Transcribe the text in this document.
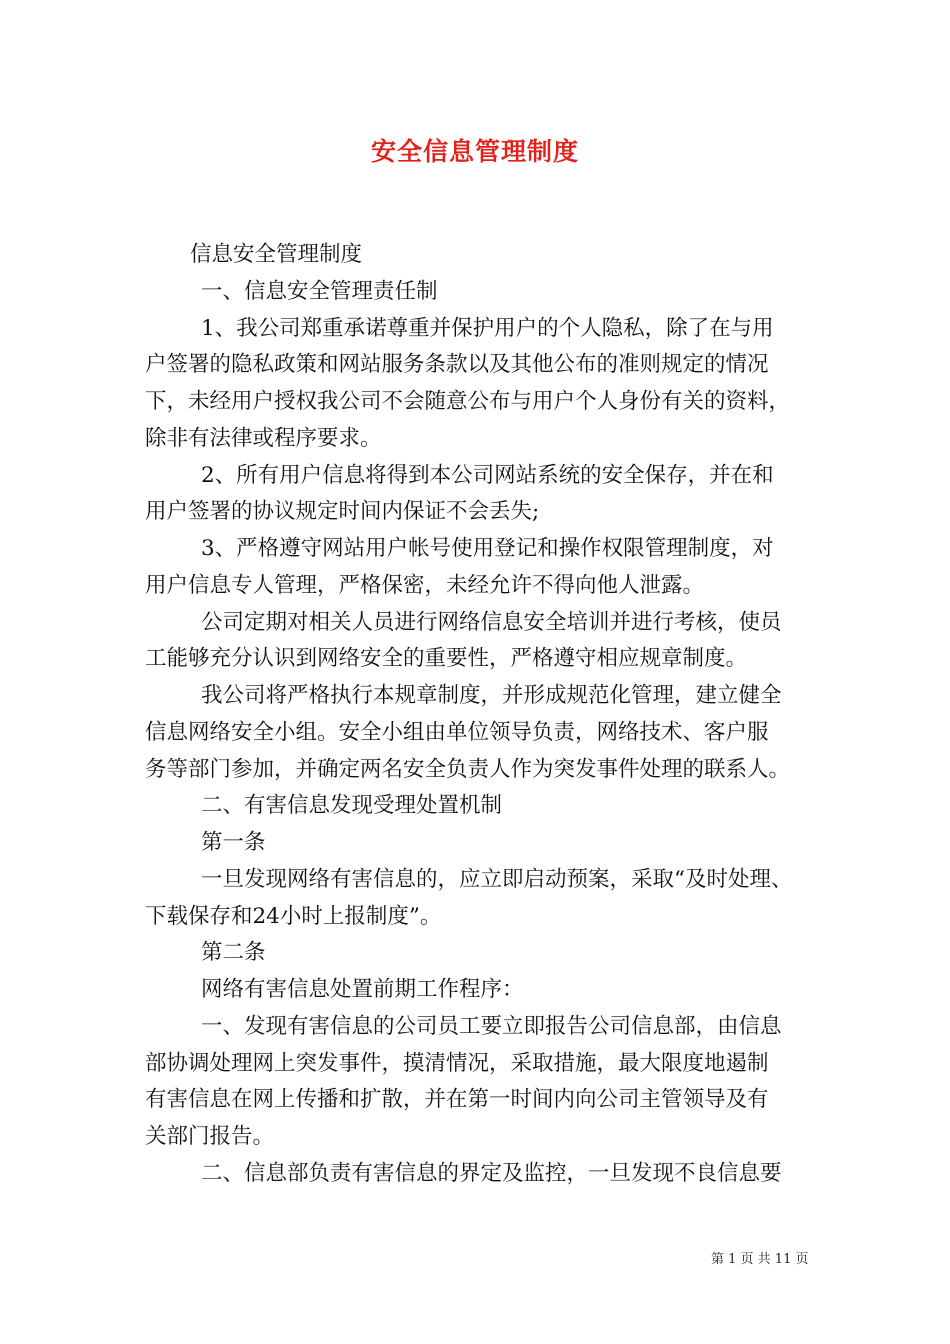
安全信息管理制度
信息安全管理制度
一、信息安全管理责任制
1、我公司郑重承诺尊重并保护用户的个人隐私，除了在与用
户签署的隐私政策和网站服务条款以及其他公布的准则规定的情况
下，未经用户授权我公司不会随意公布与用户个人身份有关的资料，
除非有法律或程序要求。
2、所有用户信息将得到本公司网站系统的安全保存，并在和
用户签署的协议规定时间内保证不会丢失;
3、严格遵守网站用户帐号使用登记和操作权限管理制度，对
用户信息专人管理，严格保密，未经允许不得向他人泄露。
公司定期对相关人员进行网络信息安全培训并进行考核，使员
工能够充分认识到网络安全的重要性，严格遵守相应规章制度。
我公司将严格执行本规章制度，并形成规范化管理，建立健全
信息网络安全小组。安全小组由单位领导负责，网络技术、客户服
务等部门参加，并确定两名安全负责人作为突发事件处理的联系人。
二、有害信息发现受理处置机制
第一条
一旦发现网络有害信息的，应立即启动预案，采取“及时处理、
下载保存和24小时上报制度”。
第二条
网络有害信息处置前期工作程序：
一、发现有害信息的公司员工要立即报告公司信息部，由信息
部协调处理网上突发事件，摸清情况，采取措施，最大限度地遏制
有害信息在网上传播和扩散，并在第一时间内向公司主管领导及有
关部门报告。
二、信息部负责有害信息的界定及监控，一旦发现不良信息要
第 1 页 共 11 页
